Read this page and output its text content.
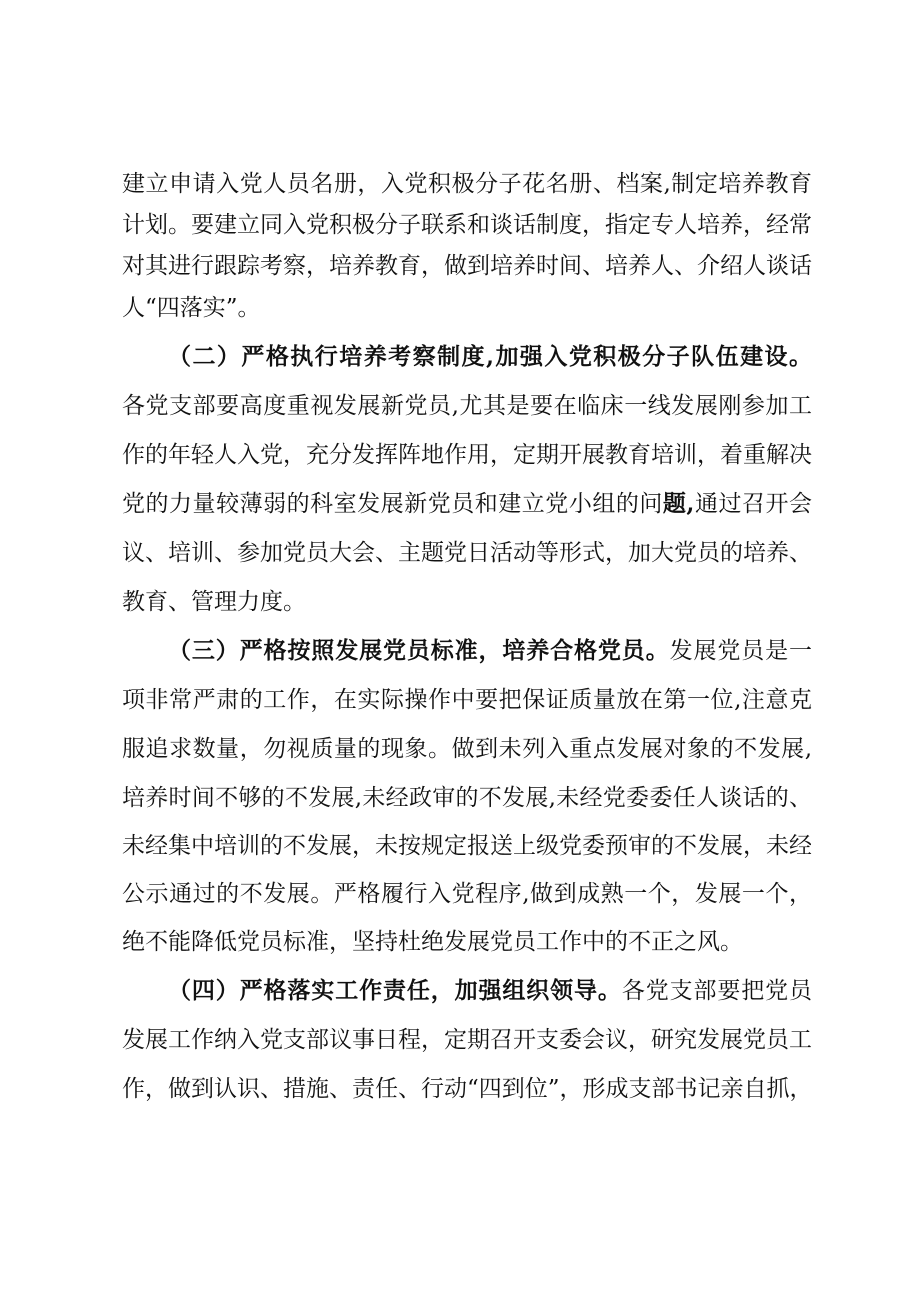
建立申请入党人员名册，入党积极分子花名册、档案,制定培养教育
计划。要建立同入党积极分子联系和谈话制度，指定专人培养，经常
对其进行跟踪考察，培养教育，做到培养时间、培养人、介绍人谈话
人“四落实”。
（二）严格执行培养考察制度,加强入党积极分子队伍建设。
各党支部要高度重视发展新党员,尤其是要在临床一线发展刚参加工
作的年轻人入党，充分发挥阵地作用，定期开展教育培训，着重解决
党的力量较薄弱的科室发展新党员和建立党小组的问题,通过召开会
议、培训、参加党员大会、主题党日活动等形式，加大党员的培养、
教育、管理力度。
（三）严格按照发展党员标准，培养合格党员。发展党员是一
项非常严肃的工作，在实际操作中要把保证质量放在第一位,注意克
服追求数量，勿视质量的现象。做到未列入重点发展对象的不发展,
培养时间不够的不发展,未经政审的不发展,未经党委委任人谈话的、
未经集中培训的不发展，未按规定报送上级党委预审的不发展，未经
公示通过的不发展。严格履行入党程序,做到成熟一个，发展一个，
绝不能降低党员标准，坚持杜绝发展党员工作中的不正之风。
（四）严格落实工作责任，加强组织领导。各党支部要把党员
发展工作纳入党支部议事日程，定期召开支委会议，研究发展党员工
作，做到认识、措施、责任、行动“四到位”，形成支部书记亲自抓，
